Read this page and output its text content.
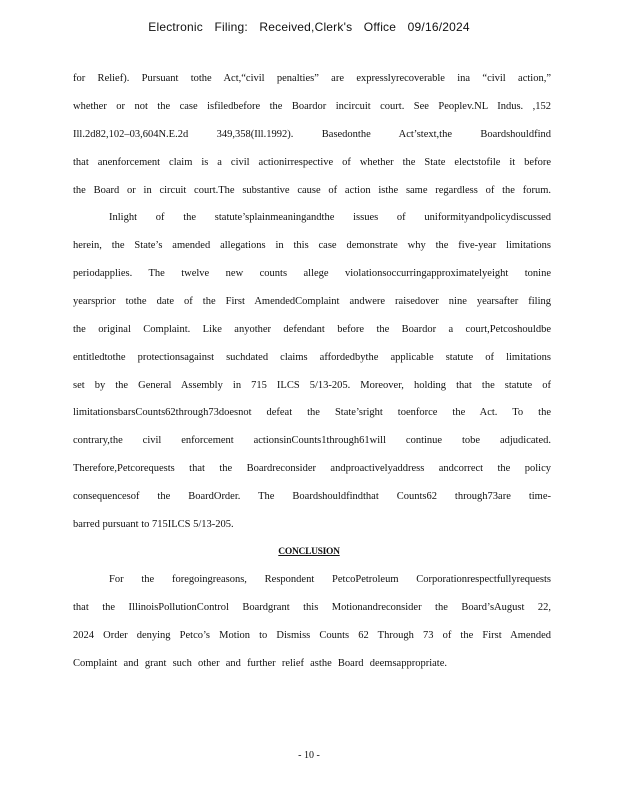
Electronic Filing: Received,Clerk's Office 09/16/2024
for Relief). Pursuant tothe Act,“civil penalties” are expresslyrecoverable ina “civil action,”
whether or not the case isfiledbefore the Boardor incircuit court. See Peoplev.NL Indus. ,152
Ill.2d82,102–03,604N.E.2d 349,358(Ill.1992). Basedonthe Act’stext,the Boardshouldfind
that anenforcement claim is a civil actionirrespective of whether the State electstofile it before
the Board or in circuit court.The substantive cause of action isthe same regardless of the forum.
Inlight of the statute’splainmeaningandthe issues of uniformityandpolicydiscussed
herein, the State’s amended allegations in this case demonstrate why the five-year limitations
periodapplies. The twelve new counts allege violationsoccurringapproximatelyeight tonine
yearsprior tothe date of the First AmendedComplaint andwere raisedover nine yearsafter filing
the original Complaint. Like anyother defendant before the Boardor a court,Petcoshouldbe
entitledtothe protectionsagainst suchdated claims affordedbythe applicable statute of limitations
set by the General Assembly in 715 ILCS 5/13-205. Moreover, holding that the statute of
limitationsbarsCounts62through73doesnot defeat the State’sright toenforce the Act. To the
contrary,the civil enforcement actionsinCounts1through61will continue tobe adjudicated.
Therefore,Petcorequests that the Boardreconsider andproactivelyaddress andcorrect the policy
consequencesof the BoardOrder. The Boardshouldfindthat Counts62 through73are time-
barred pursuant to 715ILCS 5/13-205.
For the foregoingreasons, Respondent PetcoPetroleum Corporationrespectfullyrequests
that the IllinoisPollutionControl Boardgrant this Motionandreconsider the Board’sAugust 22,
2024 Order denying Petco’s Motion to Dismiss Counts 62 Through 73 of the First Amended
Complaint and grant such other and further relief asthe Board deemsappropriate.
CONCLUSION
- 10 -
